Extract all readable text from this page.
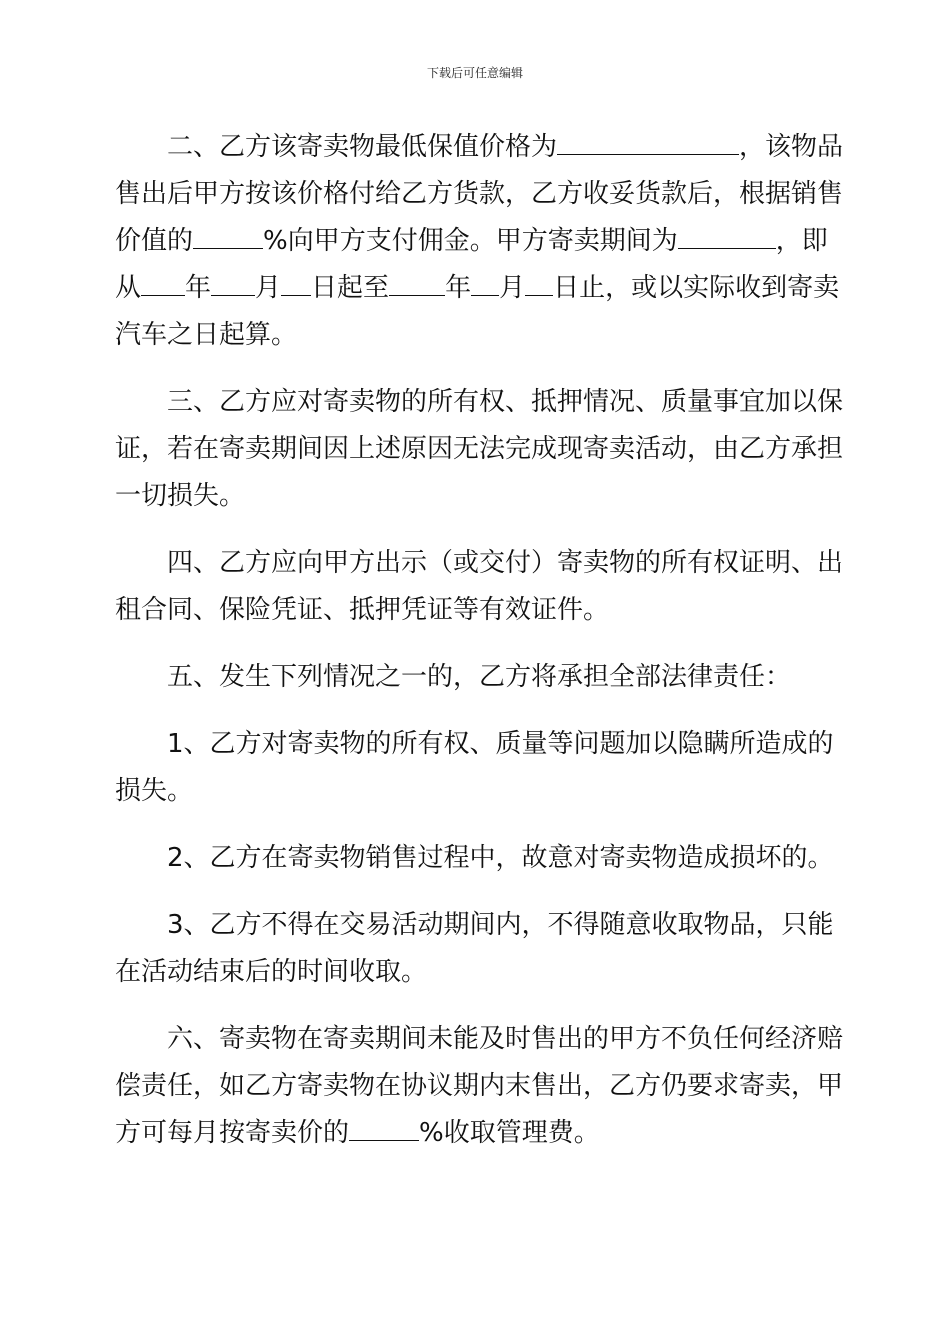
下载后可任意编辑
二、乙方该寄卖物最低保值价格为	，该物品
售出后甲方按该价格付给乙方货款，乙方收妥货款后，根据销售
价值的	%向甲方支付佣金。甲方寄卖期间为	，即
从 年 月 日起至 年 月 日止，或以实际收到寄卖
汽车之日起算。
三、乙方应对寄卖物的所有权、抵押情况、质量事宜加以保
证，若在寄卖期间因上述原因无法完成现寄卖活动，由乙方承担
一切损失。
四、乙方应向甲方出示（或交付）寄卖物的所有权证明、出
租合同、保险凭证、抵押凭证等有效证件。
五、发生下列情况之一的，乙方将承担全部法律责任：
1、乙方对寄卖物的所有权、质量等问题加以隐瞒所造成的
损失。
2、乙方在寄卖物销售过程中，故意对寄卖物造成损坏的。
3、乙方不得在交易活动期间内，不得随意收取物品，只能
在活动结束后的时间收取。
六、寄卖物在寄卖期间未能及时售出的甲方不负任何经济赔
偿责任，如乙方寄卖物在协议期内末售出，乙方仍要求寄卖，甲
方可每月按寄卖价的	%收取管理费。
